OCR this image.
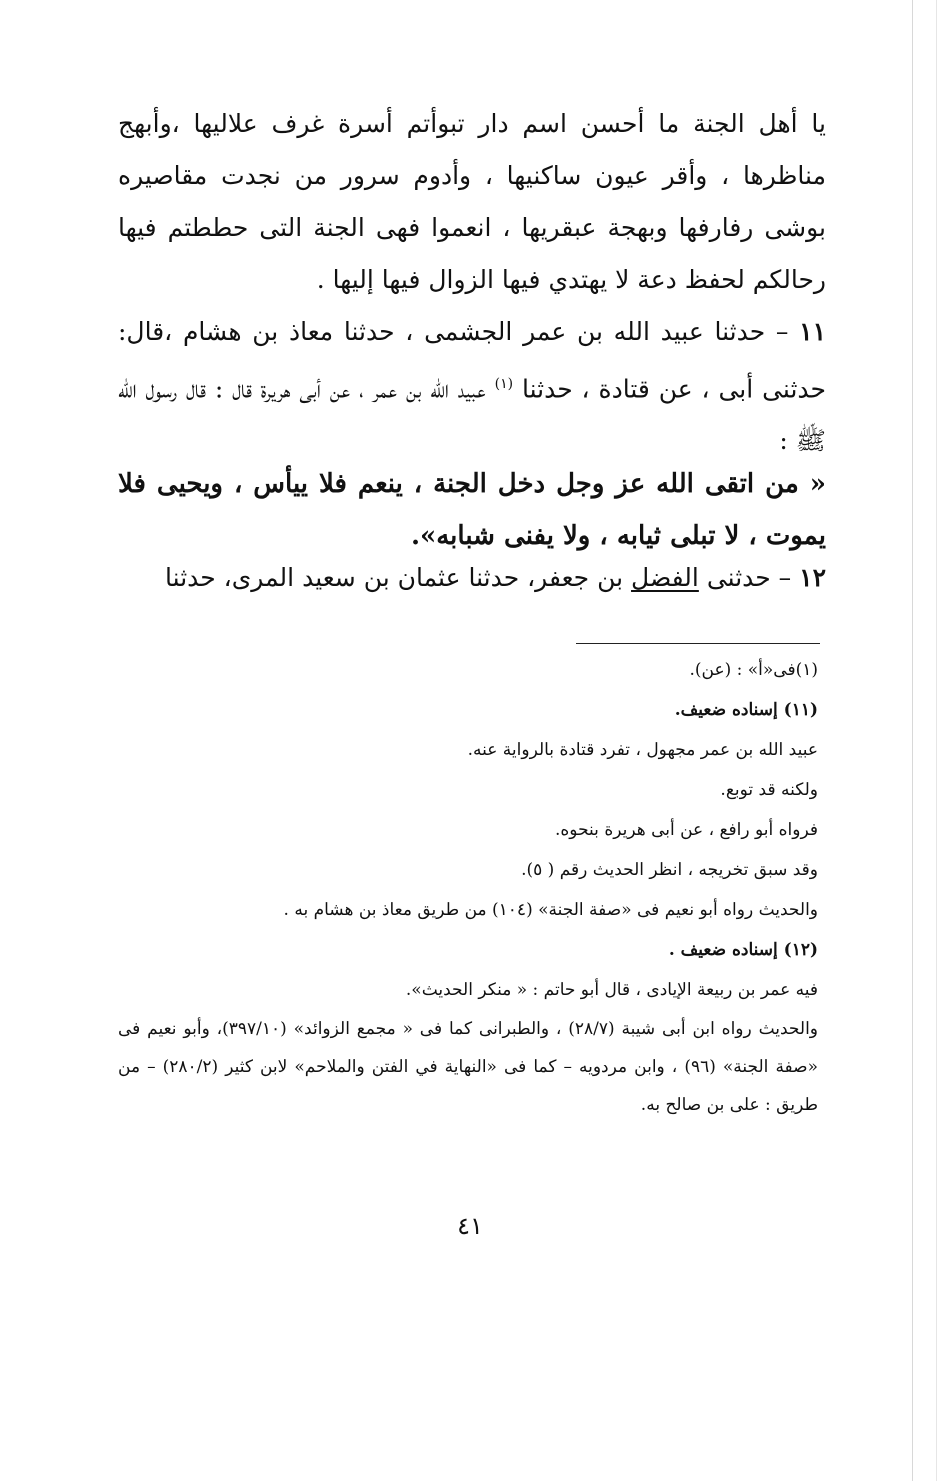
يا أهل الجنة ما أحسن اسم دار تبوأتم أسرة غرف علاليها ،وأبهج مناظرها ، وأقر عيون ساكنيها ، وأدوم سرور من نجدت مقاصيره بوشى رفارفها وبهجة عبقريها ، انعموا فهى الجنة التى حططتم فيها رحالكم لحفظ دعة لا يهتدي فيها الزوال فيها إليها .

١١ – حدثنا عبيد الله بن عمر الجشمى ، حدثنا معاذ بن هشام ،قال: حدثنى أبى ، عن قتادة ، حدثنا $^{(١)}$ عبيد الله بن عمر ، عن أبى هريرة قال : قال رسول الله ﷺ :

« من اتقى الله عز وجل دخل الجنة ، ينعم فلا ييأس ، ويحيى فلا يموت ، لا تبلى ثيابه ، ولا يفنى شبابه».

١٢ – حدثنى الفضل بن جعفر، حدثنا عثمان بن سعيد المرى، حدثنا

(١)فى«أ» : (عن).

(١١) إسناده ضعيف.

عبيد الله بن عمر مجهول ، تفرد قتادة بالرواية عنه.

ولكنه قد توبع.

فرواه أبو رافع ، عن أبى هريرة بنحوه.

وقد سبق تخريجه ، انظر الحديث رقم ( ٥).

والحديث رواه أبو نعيم فى «صفة الجنة» (١٠٤) من طريق معاذ بن هشام به .

(١٢) إسناده ضعيف .

فيه عمر بن ربيعة الإيادى ، قال أبو حاتم : « منكر الحديث».

والحديث رواه ابن أبى شيبة (٢٨/٧) ، والطبرانى كما فى « مجمع الزوائد» (٣٩٧/١٠)، وأبو نعيم فى «صفة الجنة» (٩٦) ، وابن مردويه – كما فى «النهاية في الفتن والملاحم» لابن كثير (٢٨٠/٢) – من طريق : على بن صالح به.

٤١
